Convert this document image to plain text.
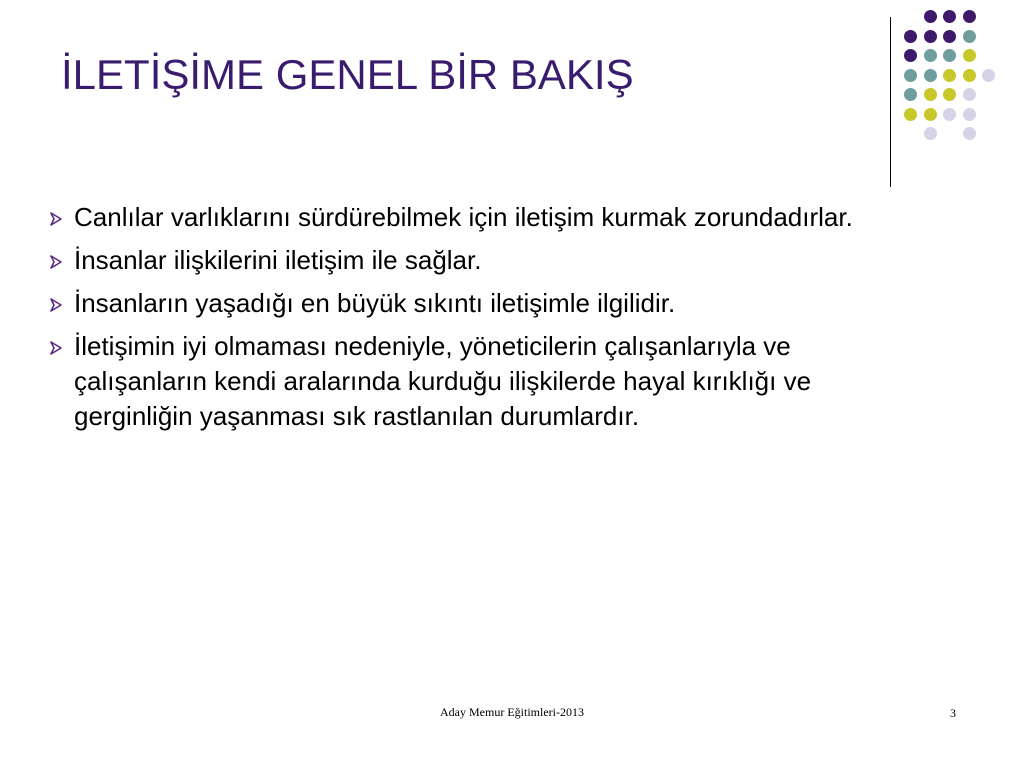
İLETİŞİME GENEL BİR BAKIŞ
Canlılar varlıklarını sürdürebilmek için iletişim kurmak zorundadırlar.
İnsanlar ilişkilerini iletişim ile sağlar.
İnsanların yaşadığı en büyük sıkıntı iletişimle ilgilidir.
İletişimin iyi olmaması nedeniyle, yöneticilerin çalışanlarıyla ve çalışanların kendi aralarında kurduğu ilişkilerde hayal kırıklığı ve gerginliğin yaşanması sık rastlanılan durumlardır.
Aday Memur Eğitimleri-2013	3
